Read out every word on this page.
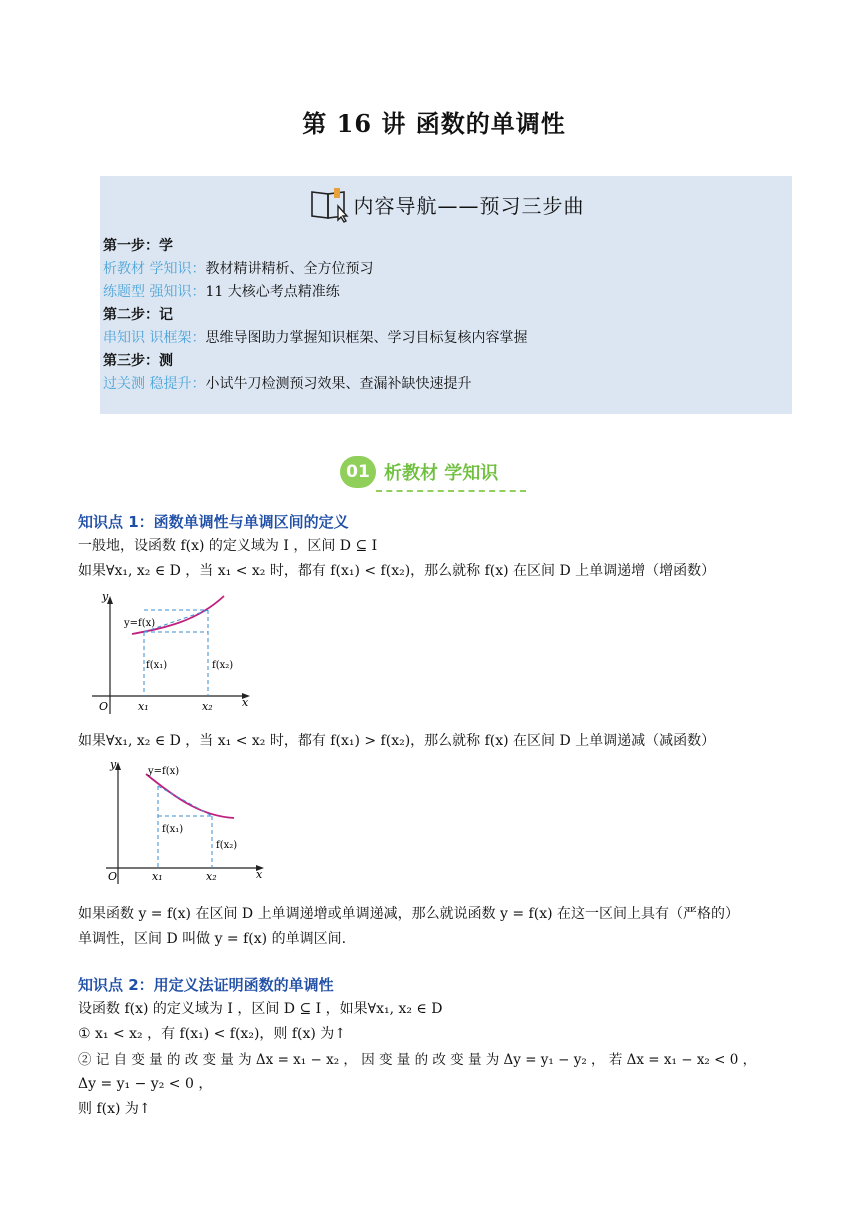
第 16 讲 函数的单调性
内容导航——预习三步曲
第一步：学
析教材 学知识：教材精讲精析、全方位预习
练题型 强知识：11 大核心考点精准练
第二步：记
串知识 识框架：思维导图助力掌握知识框架、学习目标复核内容掌握
第三步：测
过关测 稳提升：小试牛刀检测预习效果、查漏补缺快速提升
01 析教材 学知识
知识点 1：函数单调性与单调区间的定义
一般地，设函数 f(x) 的定义域为 I ，区间 D ⊆ I
如果∀x₁, x₂ ∈ D ，当 x₁ < x₂ 时，都有 f(x₁) < f(x₂)，那么就称 f(x) 在区间 D 上单调递增（增函数）
y
x
O
y=f(x)
f(x₁)	f(x₂)
x₁	x₂
如果∀x₁, x₂ ∈ D ，当 x₁ < x₂ 时，都有 f(x₁) > f(x₂)，那么就称 f(x) 在区间 D 上单调递减（减函数）
y
x
O
y=f(x)
f(x₁)
f(x₂)
x₁	x₂
如果函数 y = f(x) 在区间 D 上单调递增或单调递减，那么就说函数 y = f(x) 在这一区间上具有（严格的）
单调性，区间 D 叫做 y = f(x) 的单调区间.
知识点 2：用定义法证明函数的单调性
设函数 f(x) 的定义域为 I ，区间 D ⊆ I ，如果∀x₁, x₂ ∈ D
① x₁ < x₂ ，有 f(x₁) < f(x₂)，则 f(x) 为↑
② 记 自 变 量 的 改 变 量 为 Δx = x₁ − x₂ ， 因 变 量 的 改 变 量 为 Δy = y₁ − y₂ ， 若 Δx = x₁ − x₂ < 0 ，
Δy = y₁ − y₂ < 0 ，
则 f(x) 为↑
